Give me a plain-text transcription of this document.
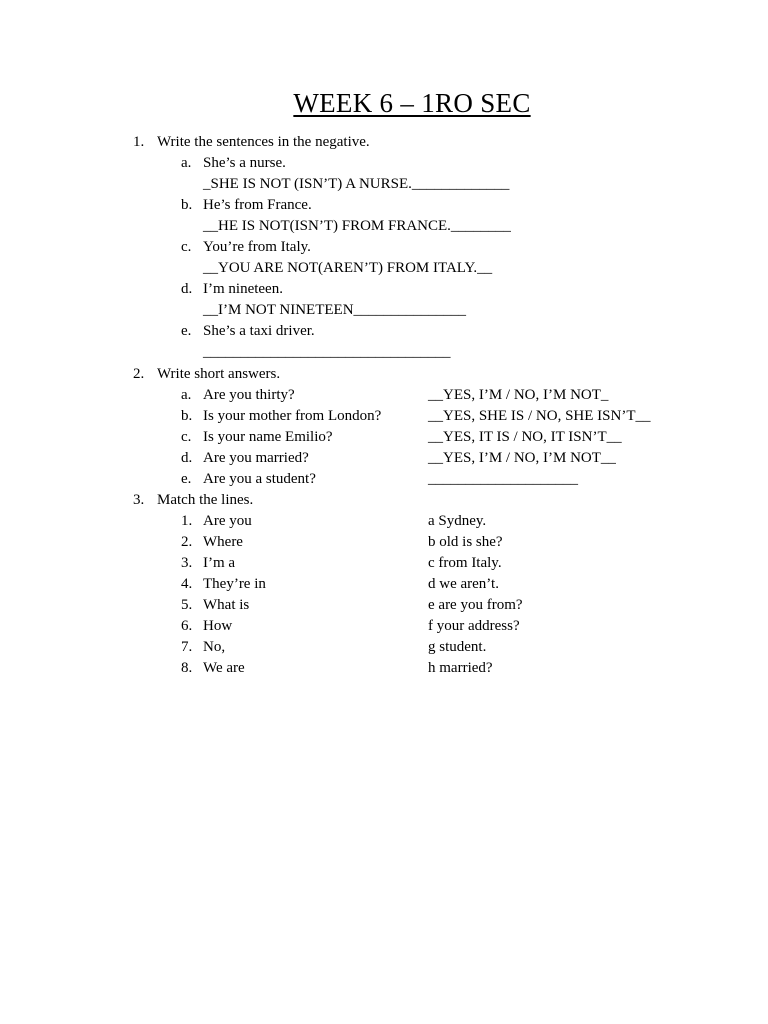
WEEK 6 – 1RO SEC
1. Write the sentences in the negative.
a. She’s a nurse.
_SHE IS NOT (ISN’T) A NURSE._____________
b. He’s from France.
__HE IS NOT(ISN’T) FROM FRANCE.________
c. You’re from Italy.
__YOU ARE NOT(AREN’T) FROM ITALY.__
d. I’m nineteen.
__I’M NOT NINETEEN_______________
e. She’s a taxi driver.
_________________________________
2. Write short answers.
a. Are you thirty?	__YES, I’M / NO, I’M NOT_
b. Is your mother from London?	__YES, SHE IS / NO, SHE ISN’T__
c. Is your name Emilio?	__YES, IT IS / NO, IT ISN’T__
d. Are you married?	__YES, I’M / NO, I’M NOT__
e. Are you a student?	____________________
3. Match the lines.
1. Are you	a Sydney.
2. Where	b old is she?
3. I’m a	c from Italy.
4. They’re in	d we aren’t.
5. What is	e are you from?
6. How	f your address?
7. No,	g student.
8. We are	h married?
